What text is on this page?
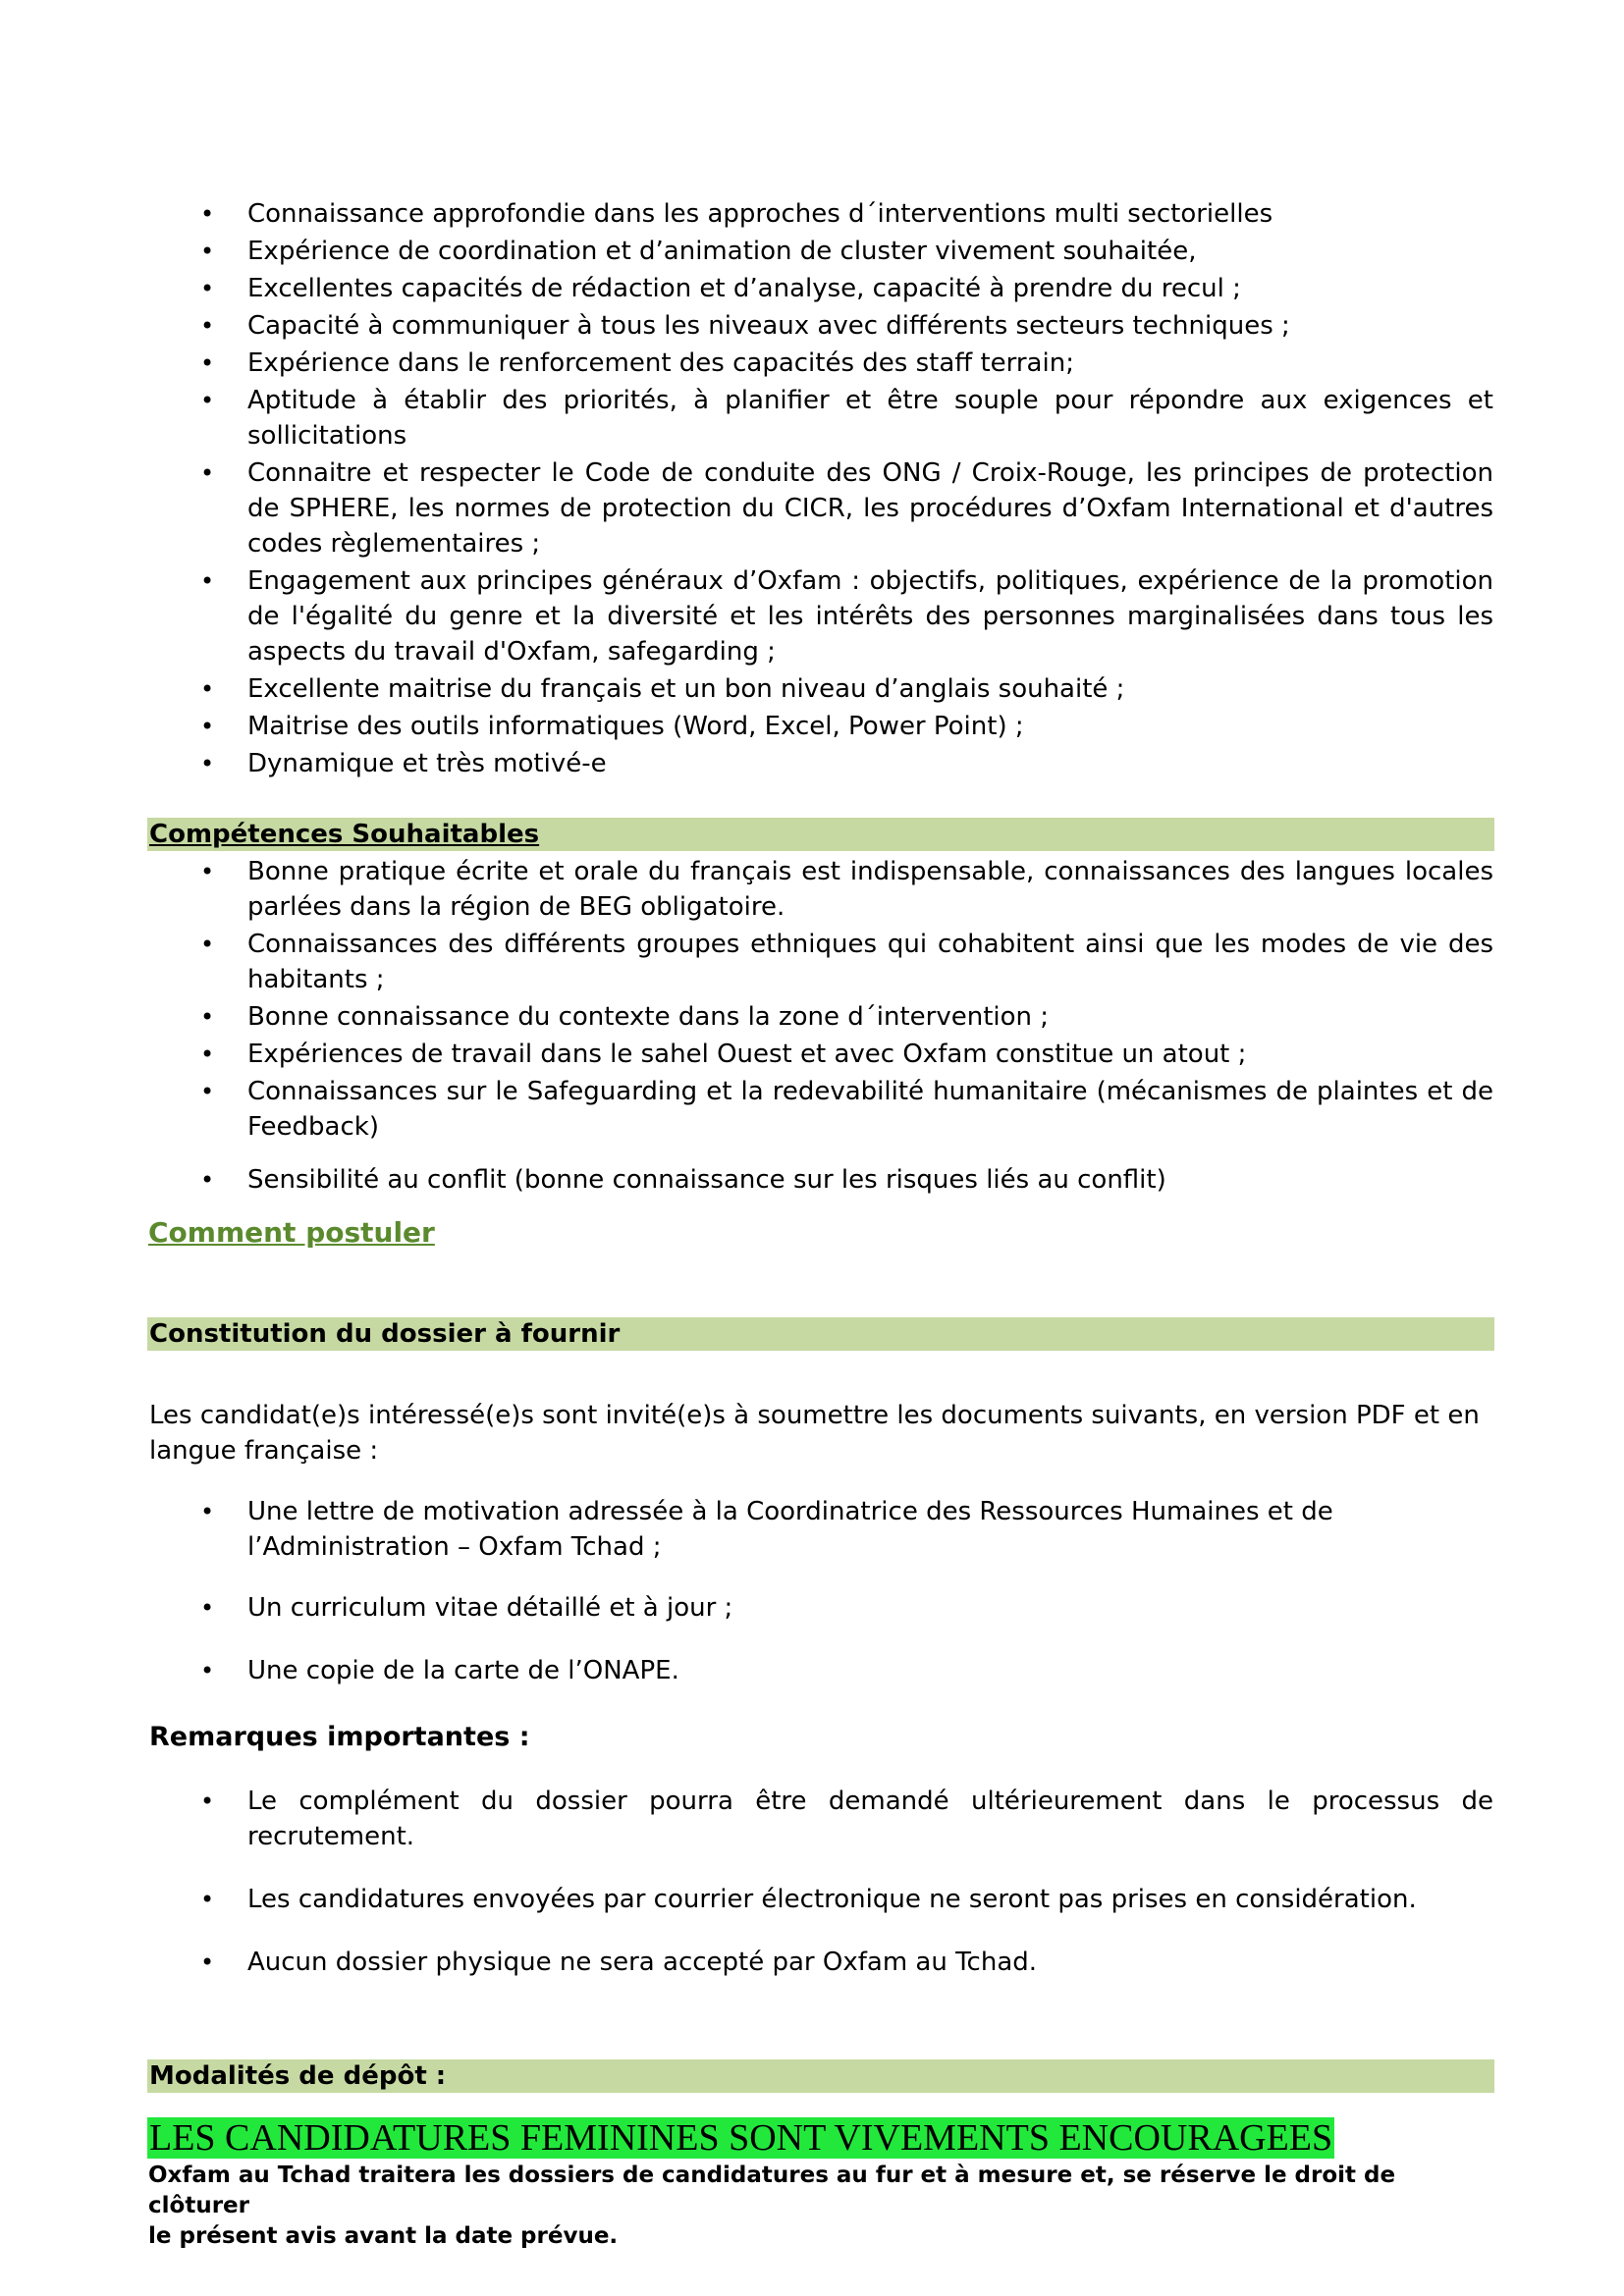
• Connaissance approfondie dans les approches d´interventions multi sectorielles
• Expérience de coordination et d’animation de cluster vivement souhaitée,
• Excellentes capacités de rédaction et d’analyse, capacité à prendre du recul ;
• Capacité à communiquer à tous les niveaux avec différents secteurs techniques ;
• Expérience dans le renforcement des capacités des staff terrain;
• Aptitude à établir des priorités, à planifier et être souple pour répondre aux exigences et sollicitations
• Connaitre et respecter le Code de conduite des ONG / Croix-Rouge, les principes de protection de SPHERE, les normes de protection du CICR, les procédures d’Oxfam International et d'autres codes règlementaires ;
• Engagement aux principes généraux d’Oxfam : objectifs, politiques, expérience de la promotion de l'égalité du genre et la diversité et les intérêts des personnes marginalisées dans tous les aspects du travail d'Oxfam, safegarding ;
• Excellente maitrise du français et un bon niveau d’anglais souhaité ;
• Maitrise des outils informatiques (Word, Excel, Power Point) ;
• Dynamique et très motivé-e
Compétences Souhaitables
• Bonne pratique écrite et orale du français est indispensable, connaissances des langues locales parlées dans la région de BEG obligatoire.
• Connaissances des différents groupes ethniques qui cohabitent ainsi que les modes de vie des habitants ;
• Bonne connaissance du contexte dans la zone d´intervention ;
• Expériences de travail dans le sahel Ouest et avec Oxfam constitue un atout ;
• Connaissances sur le Safeguarding et la redevabilité humanitaire (mécanismes de plaintes et de Feedback)
• Sensibilité au conflit (bonne connaissance sur les risques liés au conflit)
Comment postuler
Constitution du dossier à fournir
Les candidat(e)s intéressé(e)s sont invité(e)s à soumettre les documents suivants, en version PDF et en langue française :
• Une lettre de motivation adressée à la Coordinatrice des Ressources Humaines et de l’Administration – Oxfam Tchad ;
• Un curriculum vitae détaillé et à jour ;
• Une copie de la carte de l’ONAPE.
Remarques importantes :
• Le complément du dossier pourra être demandé ultérieurement dans le processus de recrutement.
• Les candidatures envoyées par courrier électronique ne seront pas prises en considération.
• Aucun dossier physique ne sera accepté par Oxfam au Tchad.
Modalités de dépôt :
LES CANDIDATURES FEMININES SONT VIVEMENTS ENCOURAGEES
Oxfam au Tchad traitera les dossiers de candidatures au fur et à mesure et, se réserve le droit de clôturer
le présent avis avant la date prévue.
